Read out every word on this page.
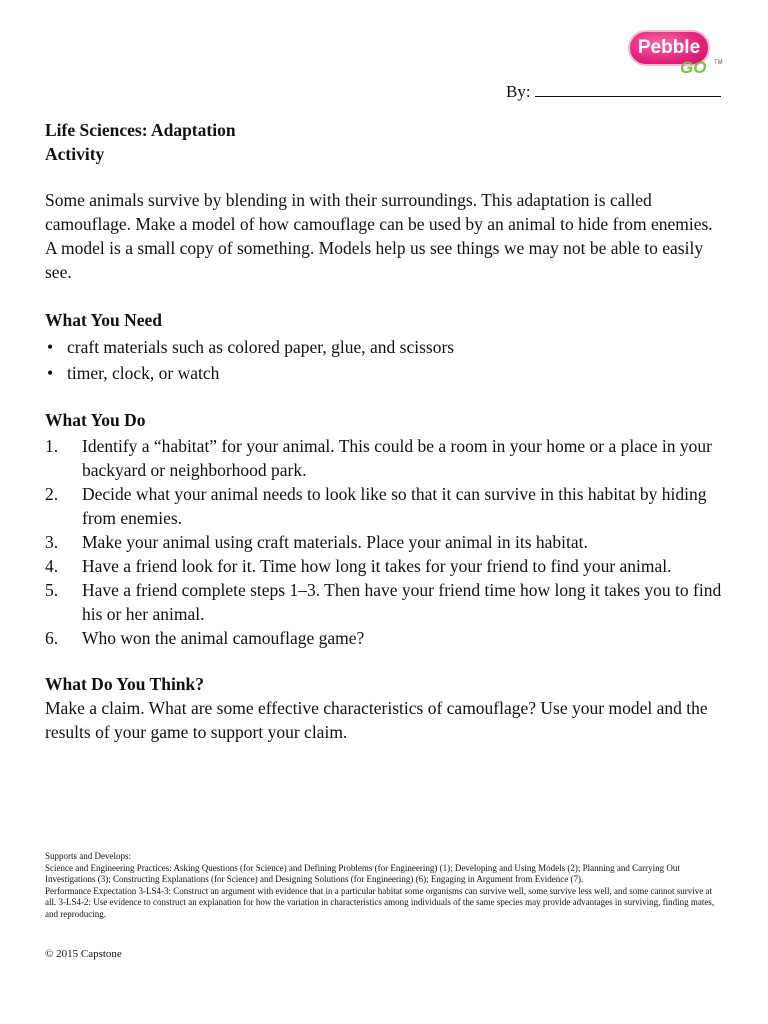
Pebble
GO TM
By:

Life Sciences: Adaptation

Activity

Some animals survive by blending in with their surroundings. This adaptation is called camouflage. Make a model of how camouflage can be used by an animal to hide from enemies. A model is a small copy of something. Models help us see things we may not be able to easily see.

What You Need

• craft materials such as colored paper, glue, and scissors
• timer, clock, or watch

What You Do

1. Identify a “habitat” for your animal. This could be a room in your home or a place in your backyard or neighborhood park.
2. Decide what your animal needs to look like so that it can survive in this habitat by hiding from enemies.
3. Make your animal using craft materials. Place your animal in its habitat.
4. Have a friend look for it. Time how long it takes for your friend to find your animal.
5. Have a friend complete steps 1–3. Then have your friend time how long it takes you to find his or her animal.
6. Who won the animal camouflage game?

What Do You Think?

Make a claim. What are some effective characteristics of camouflage? Use your model and the results of your game to support your claim.

Supports and Develops:

Science and Engineering Practices: Asking Questions (for Science) and Defining Problems (for Engineering) (1); Developing and Using Models (2); Planning and Carrying Out Investigations (3); Constructing Explanations (for Science) and Designing Solutions (for Engineering) (6); Engaging in Argument from Evidence (7).

Performance Expectation 3-LS4-3: Construct an argument with evidence that in a particular habitat some organisms can survive well, some survive less well, and some cannot survive at all. 3-LS4-2: Use evidence to construct an explanation for how the variation in characteristics among individuals of the same species may provide advantages in surviving, finding mates, and reproducing.

© 2015 Capstone
